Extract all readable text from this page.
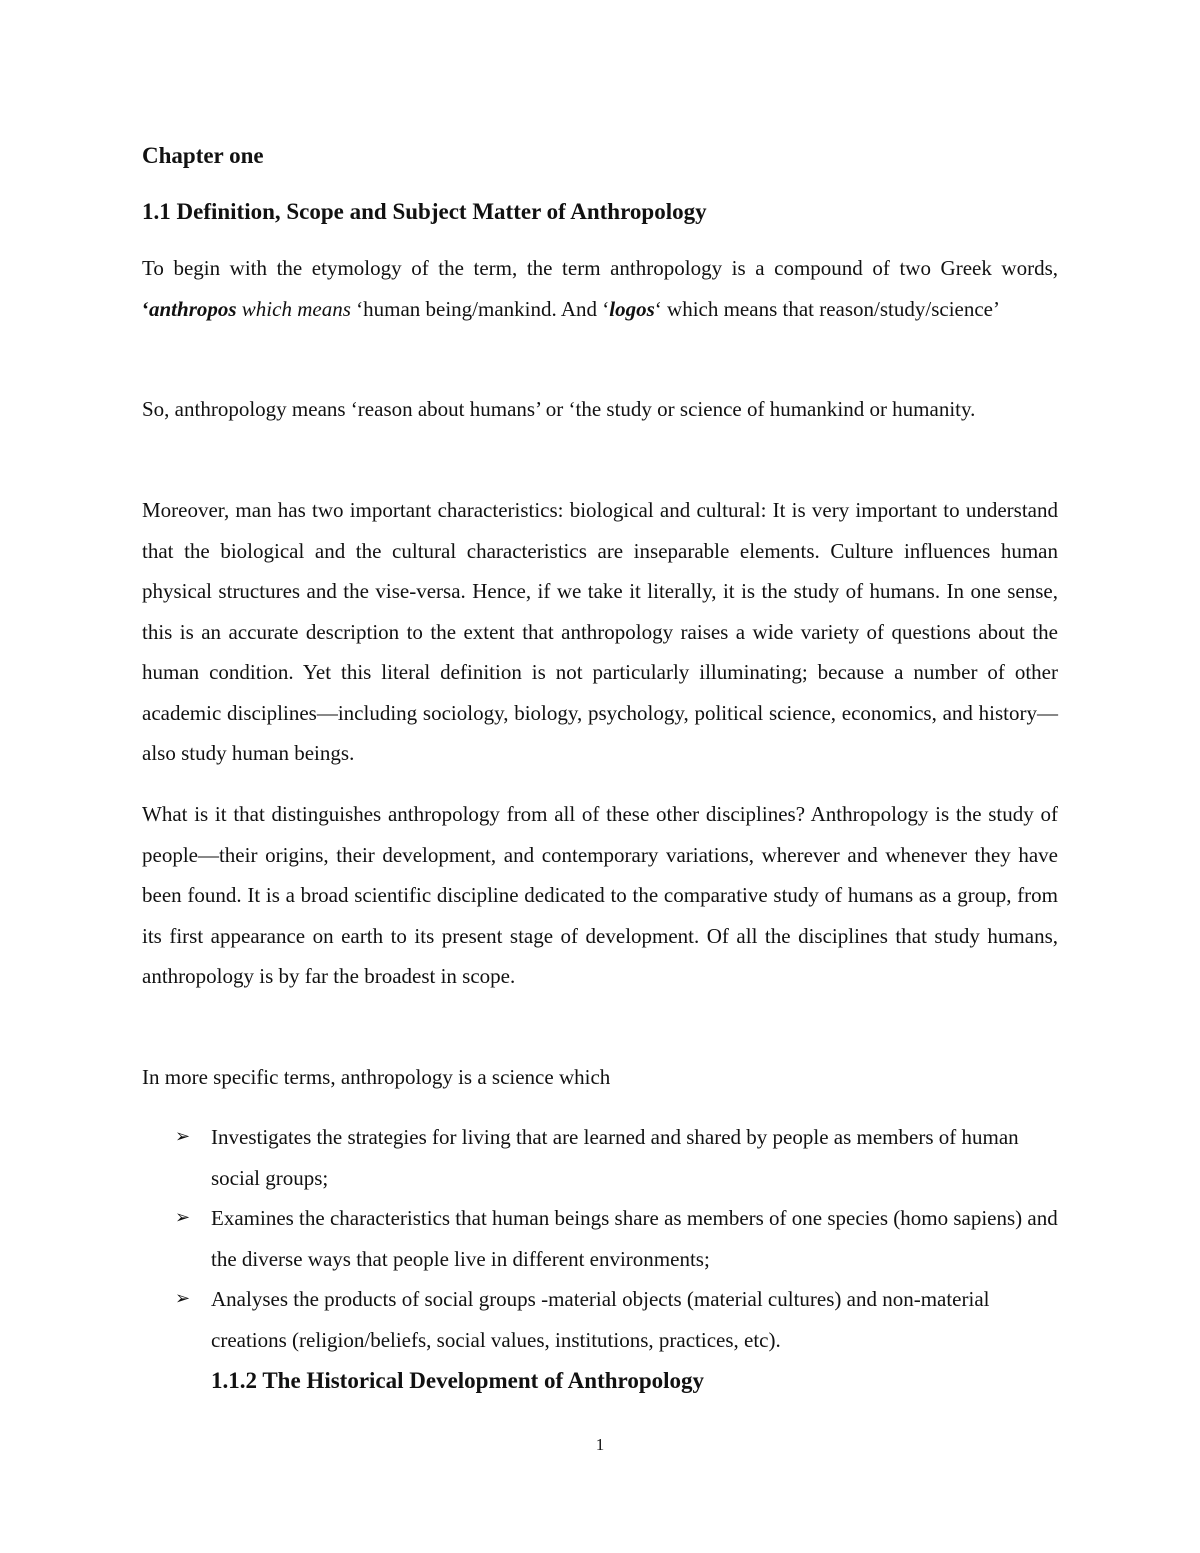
Chapter one
1.1 Definition, Scope and Subject Matter of Anthropology

To begin with the etymology of the term, the term anthropology is a compound of two Greek words, ‘anthropos which means ‘human being/mankind. And ‘logos‘ which means that reason/study/science’

So, anthropology means ‘reason about humans’ or ‘the study or science of humankind or humanity.

Moreover, man has two important characteristics: biological and cultural: It is very important to understand that the biological and the cultural characteristics are inseparable elements. Culture influences human physical structures and the vise-versa. Hence, if we take it literally, it is the study of humans. In one sense, this is an accurate description to the extent that anthropology raises a wide variety of questions about the human condition. Yet this literal definition is not particularly illuminating; because a number of other academic disciplines—including sociology, biology, psychology, political science, economics, and history—also study human beings.

What is it that distinguishes anthropology from all of these other disciplines? Anthropology is the study of people—their origins, their development, and contemporary variations, wherever and whenever they have been found. It is a broad scientific discipline dedicated to the comparative study of humans as a group, from its first appearance on earth to its present stage of development. Of all the disciplines that study humans, anthropology is by far the broadest in scope.

In more specific terms, anthropology is a science which

➢ Investigates the strategies for living that are learned and shared by people as members of human social groups;
➢ Examines the characteristics that human beings share as members of one species (homo sapiens) and the diverse ways that people live in different environments;
➢ Analyses the products of social groups -material objects (material cultures) and non-material creations (religion/beliefs, social values, institutions, practices, etc).
1.1.2 The Historical Development of Anthropology
1
